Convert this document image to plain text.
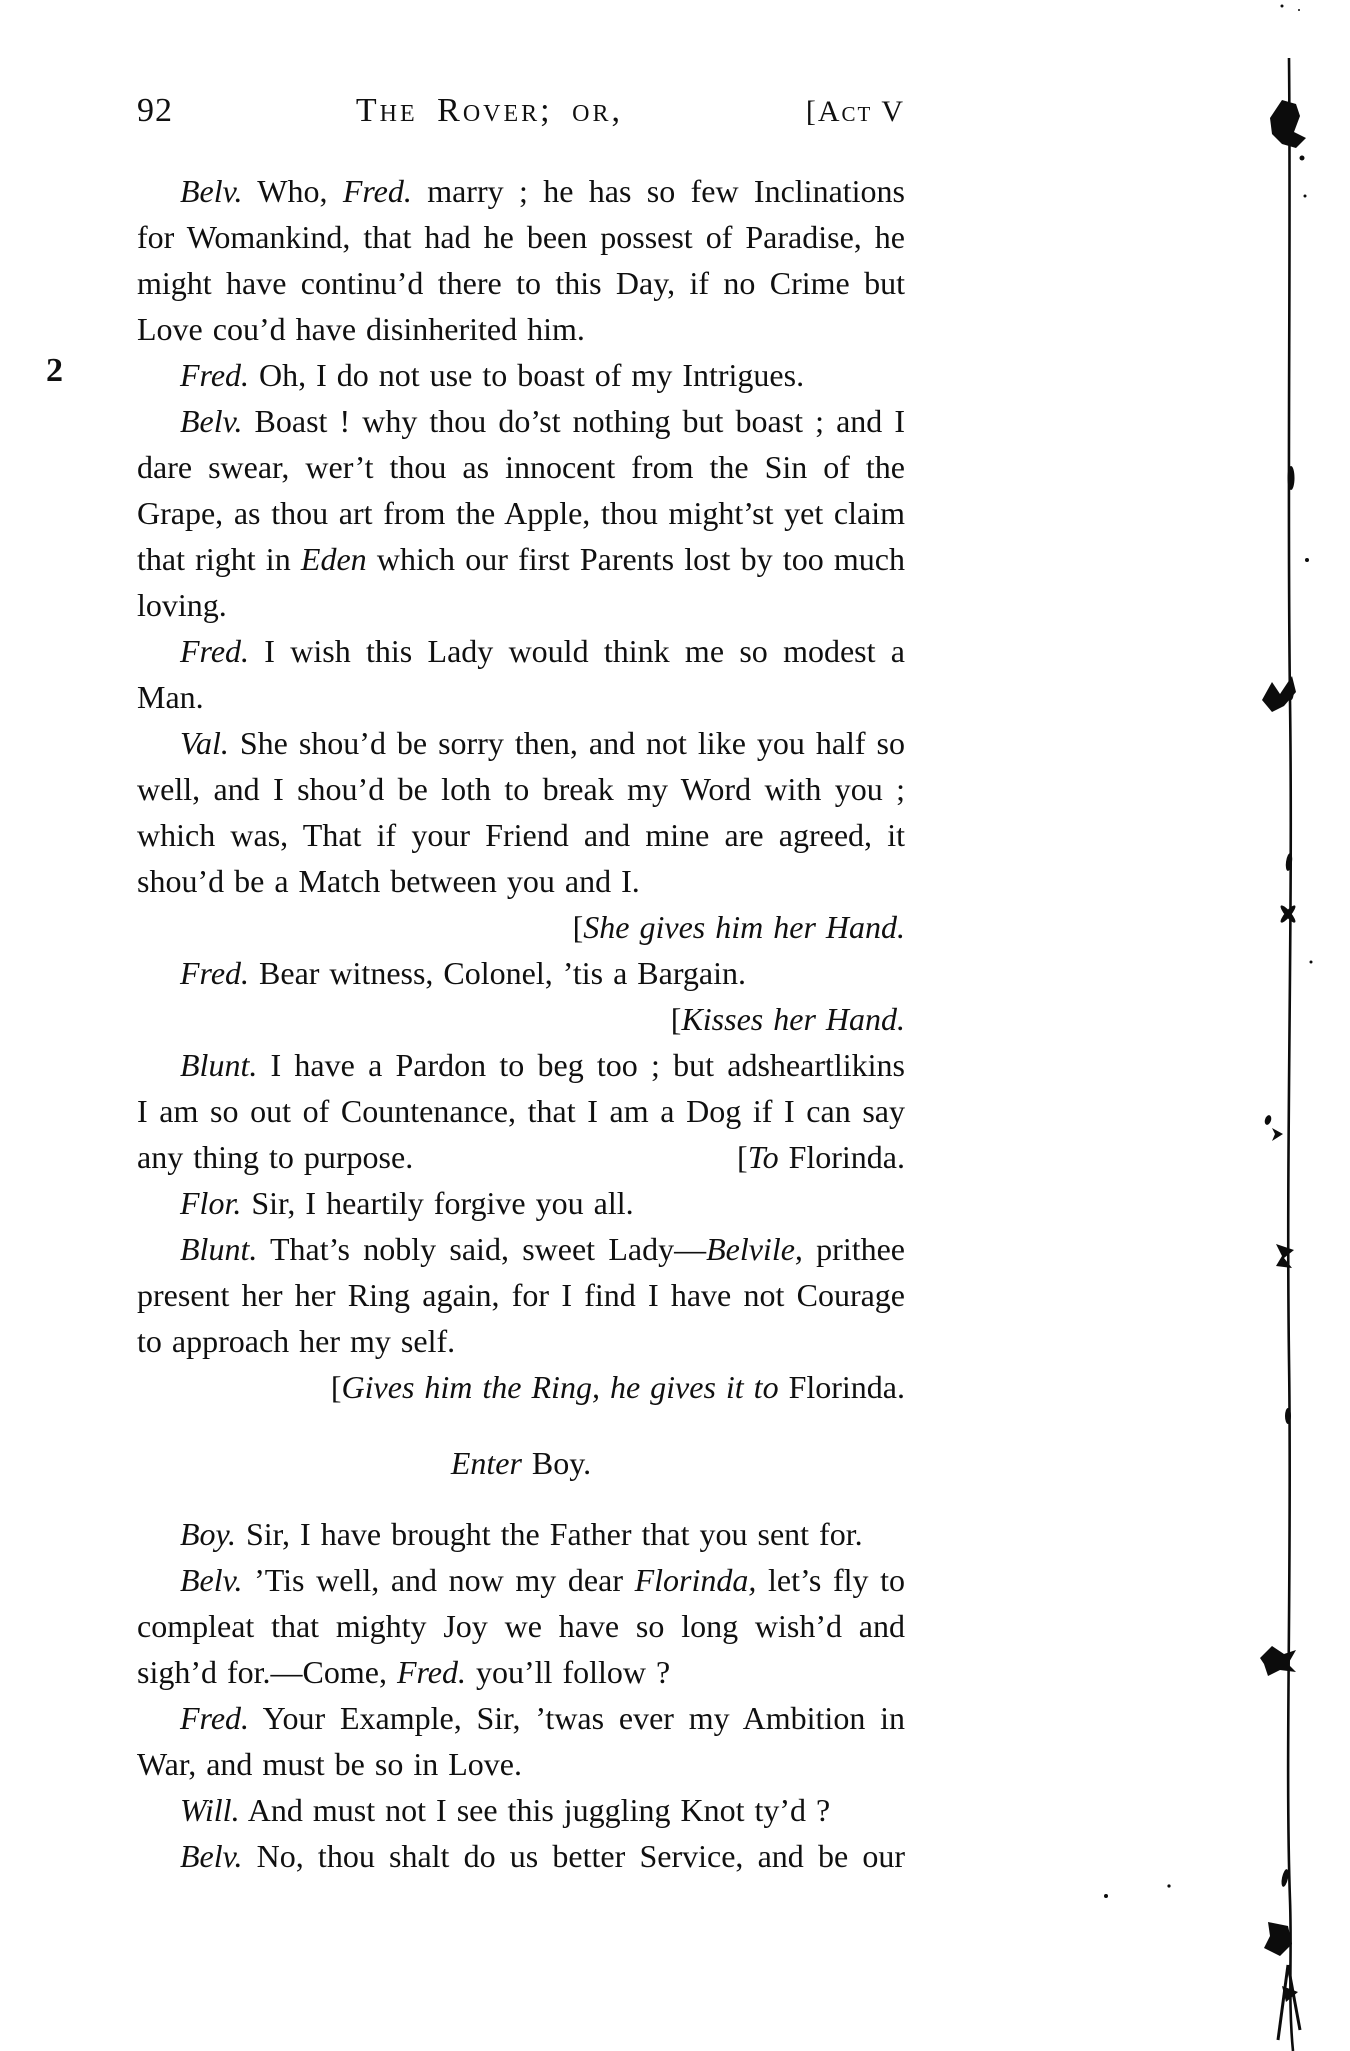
92	The Rover; or,	[Act V
Belv. Who, Fred. marry ; he has so few Inclinations
for Womankind, that had he been possest of Paradise, he
might have continu’d there to this Day, if no Crime but
Love cou’d have disinherited him.
Fred. Oh, I do not use to boast of my Intrigues.
Belv. Boast ! why thou do’st nothing but boast ; and I
dare swear, wer’t thou as innocent from the Sin of the
Grape, as thou art from the Apple, thou might’st yet claim
that right in Eden which our first Parents lost by too much
loving.
Fred. I wish this Lady would think me so modest a Man.
Val. She shou’d be sorry then, and not like you half so
well, and I shou’d be loth to break my Word with you ;
which was, That if your Friend and mine are agreed, it
shou’d be a Match between you and I.
[She gives him her Hand.
Fred. Bear witness, Colonel, ’tis a Bargain.
[Kisses her Hand.
Blunt. I have a Pardon to beg too ; but adsheartlikins
I am so out of Countenance, that I am a Dog if I can say
any thing to purpose.	[To Florinda.
Flor. Sir, I heartily forgive you all.
Blunt. That’s nobly said, sweet Lady—Belvile, prithee
present her her Ring again, for I find I have not Courage
to approach her my self.
[Gives him the Ring, he gives it to Florinda.
Enter Boy.
Boy. Sir, I have brought the Father that you sent for.
Belv. ’Tis well, and now my dear Florinda, let’s fly to
compleat that mighty Joy we have so long wish’d and
sigh’d for.—Come, Fred. you’ll follow ?
Fred. Your Example, Sir, ’twas ever my Ambition in
War, and must be so in Love.
Will. And must not I see this juggling Knot ty’d ?
Belv. No, thou shalt do us better Service, and be our
2
